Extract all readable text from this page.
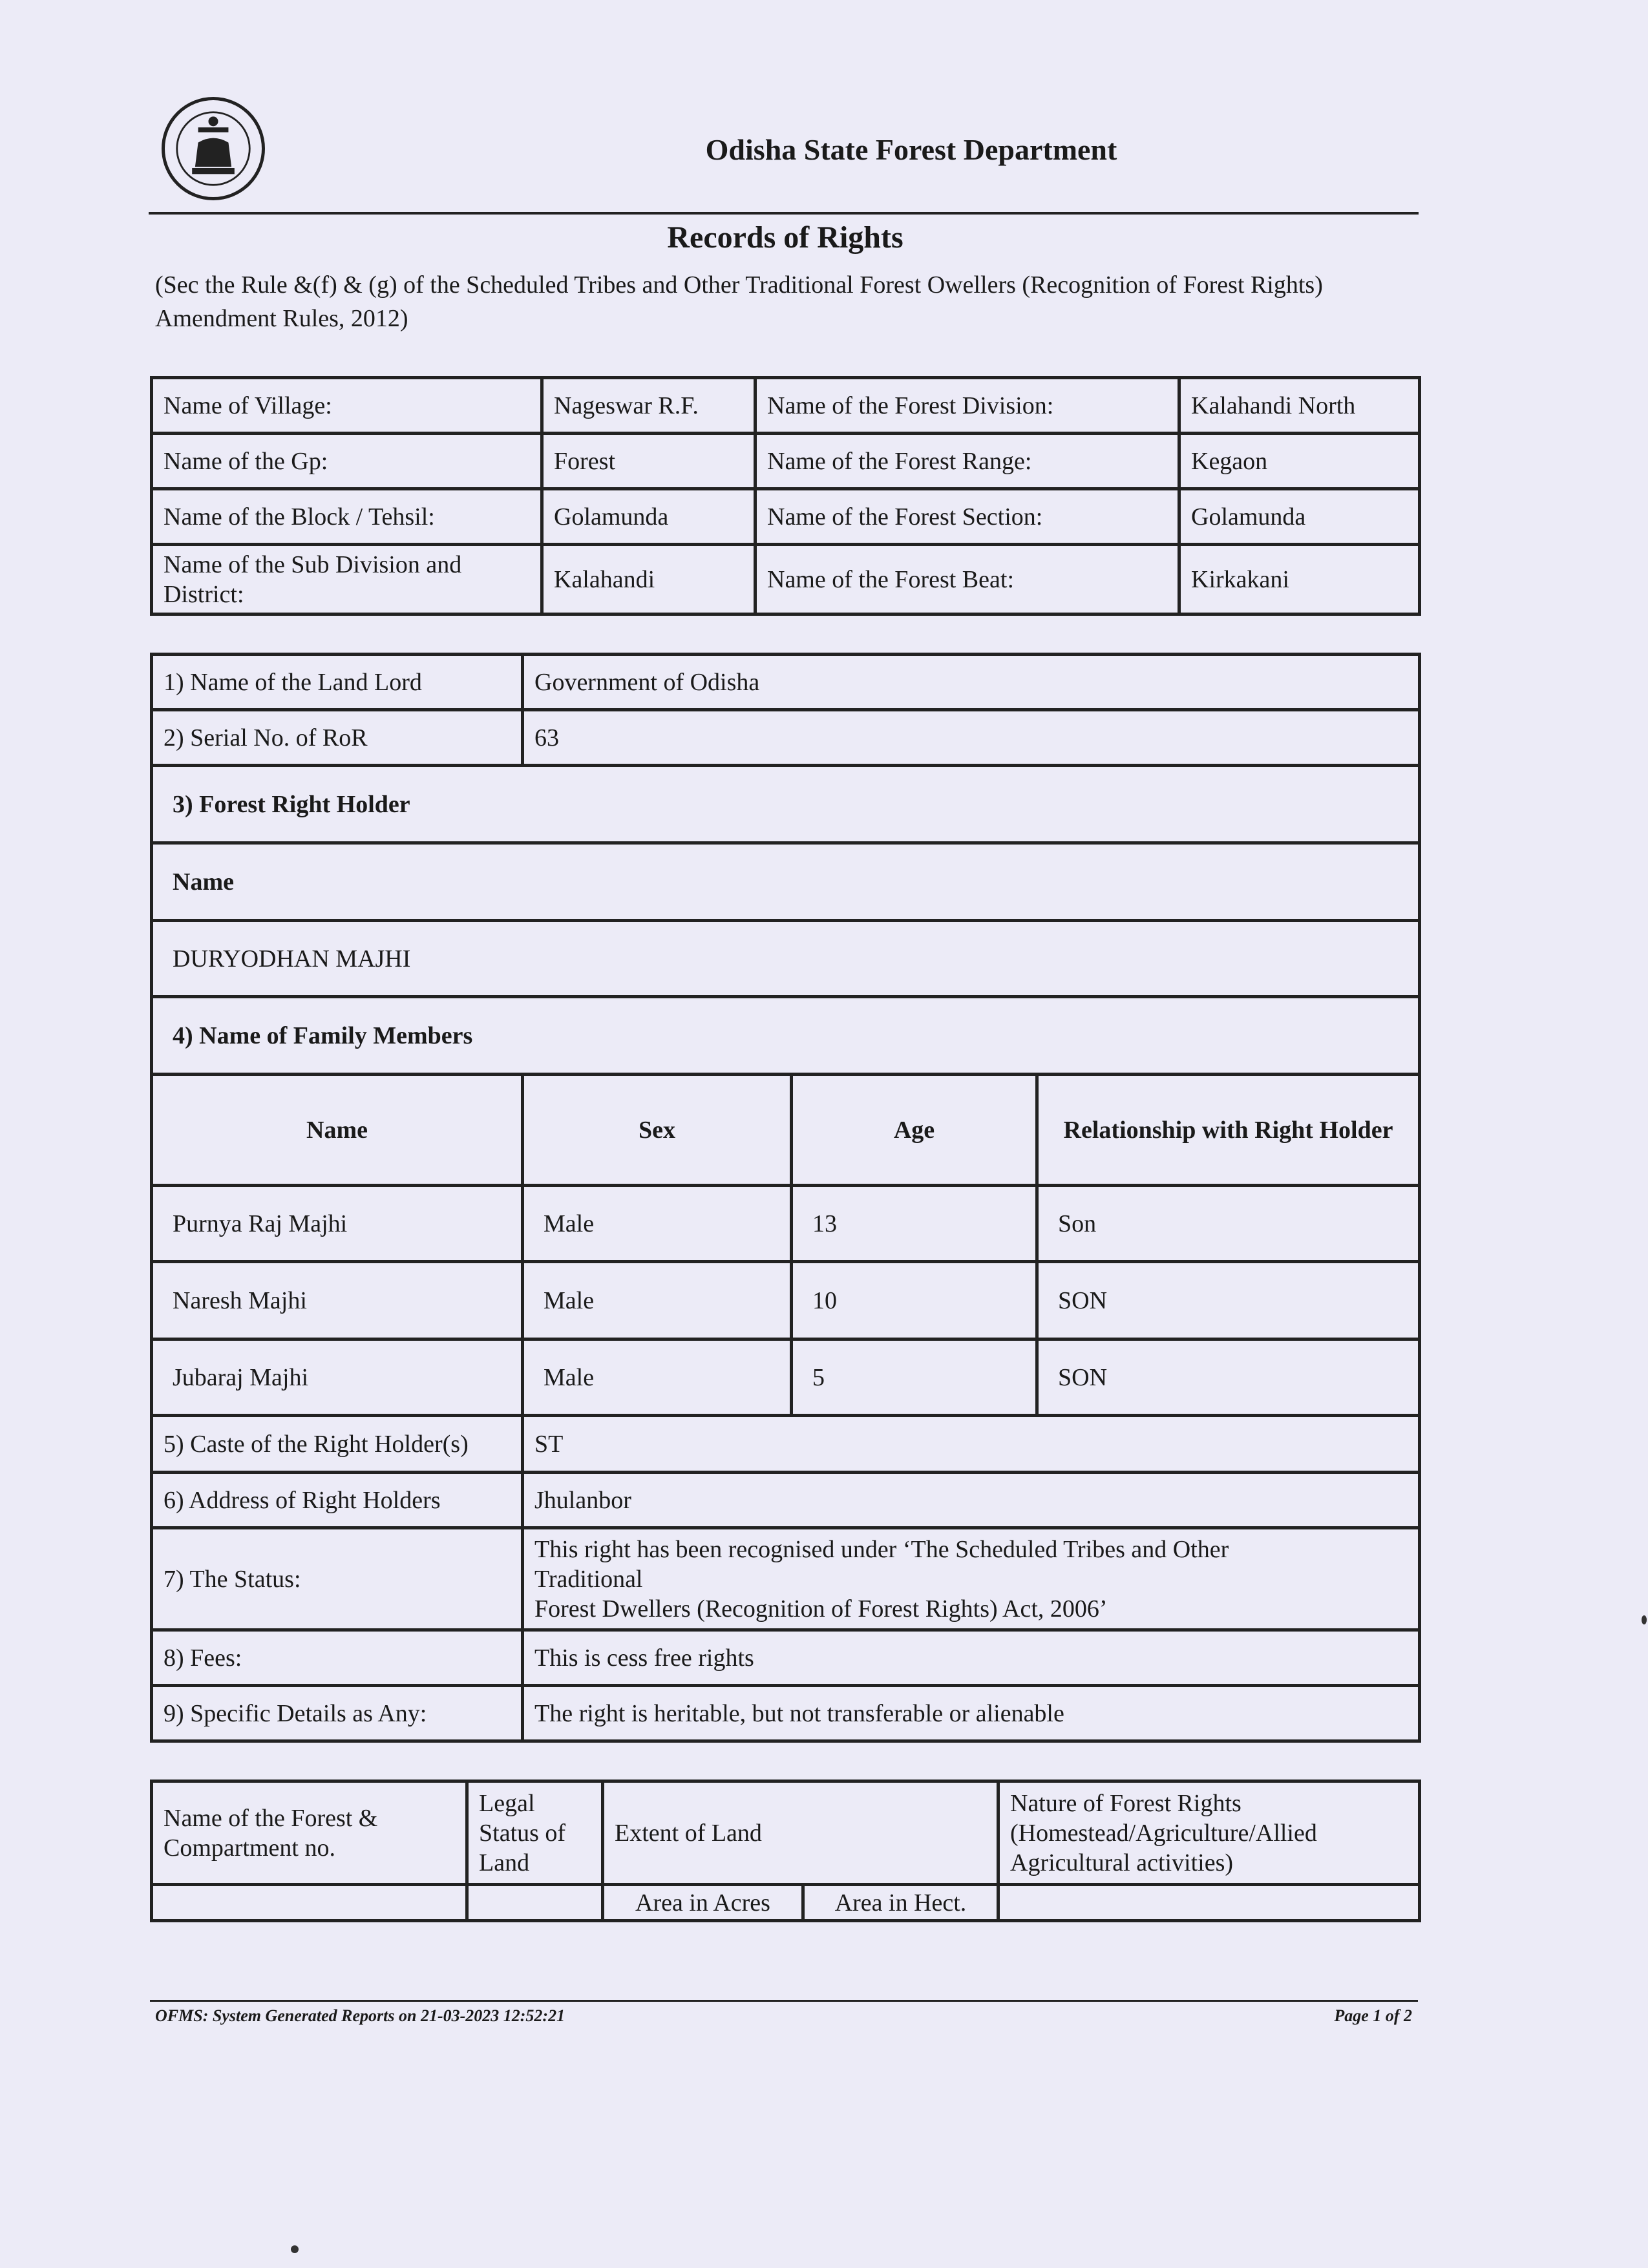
Odisha State Forest Department
Records of Rights
(Sec the Rule &(f) & (g) of the Scheduled Tribes and Other Traditional Forest Owellers (Recognition of Forest Rights) Amendment Rules, 2012)
Name of Village:	Nageswar R.F.	Name of the Forest Division:	Kalahandi North
Name of the Gp:	Forest	Name of the Forest Range:	Kegaon
Name of the Block / Tehsil:	Golamunda	Name of the Forest Section:	Golamunda
Name of the Sub Division and District:	Kalahandi	Name of the Forest Beat:	Kirkakani
1) Name of the Land Lord	Government of Odisha		
2) Serial No. of RoR	63		
3) Forest Right Holder			
Name			
DURYODHAN MAJHI			
4) Name of Family Members			
Name	Sex	Age	Relationship with Right Holder
Purnya Raj Majhi	Male	13	Son
Naresh Majhi	Male	10	SON
Jubaraj Majhi	Male	5	SON
5) Caste of the Right Holder(s)	ST		
6) Address of Right Holders	Jhulanbor		
7) The Status:	This right has been recognised under ‘The Scheduled Tribes and Other
Traditional
Forest Dwellers (Recognition of Forest Rights) Act, 2006’		

8) Fees:	This is cess free rights		
9) Specific Details as Any:	The right is heritable, but not transferable or alienable		
Name of the Forest & Compartment no.	Legal Status of Land	Extent of Land		Nature of Forest Rights (Homestead/Agriculture/Allied Agricultural activities)
		Area in Acres	Area in Hect.	
OFMS: System Generated Reports on 21-03-2023 12:52:21	Page 1 of 2
